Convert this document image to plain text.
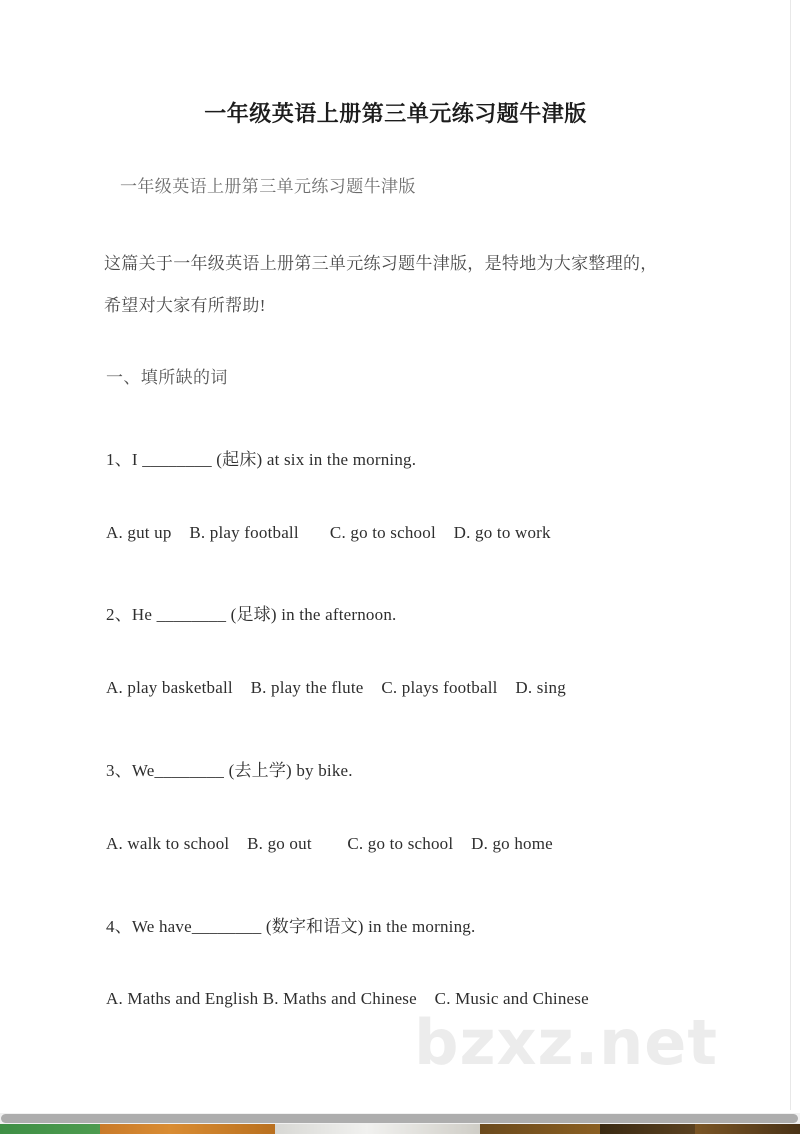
bzxz.net
一年级英语上册第三单元练习题牛津版
一年级英语上册第三单元练习题牛津版
这篇关于一年级英语上册第三单元练习题牛津版，是特地为大家整理的，
希望对大家有所帮助!
一、填所缺的词
1、I ________ (起床) at six in the morning.
A. gut up    B. play football       C. go to school    D. go to work
2、He ________ (足球) in the afternoon.
A. play basketball    B. play the flute    C. plays football    D. sing
3、We________ (去上学) by bike.
A. walk to school    B. go out        C. go to school    D. go home
4、We have________ (数字和语文) in the morning.
A. Maths and English B. Maths and Chinese    C. Music and Chinese
